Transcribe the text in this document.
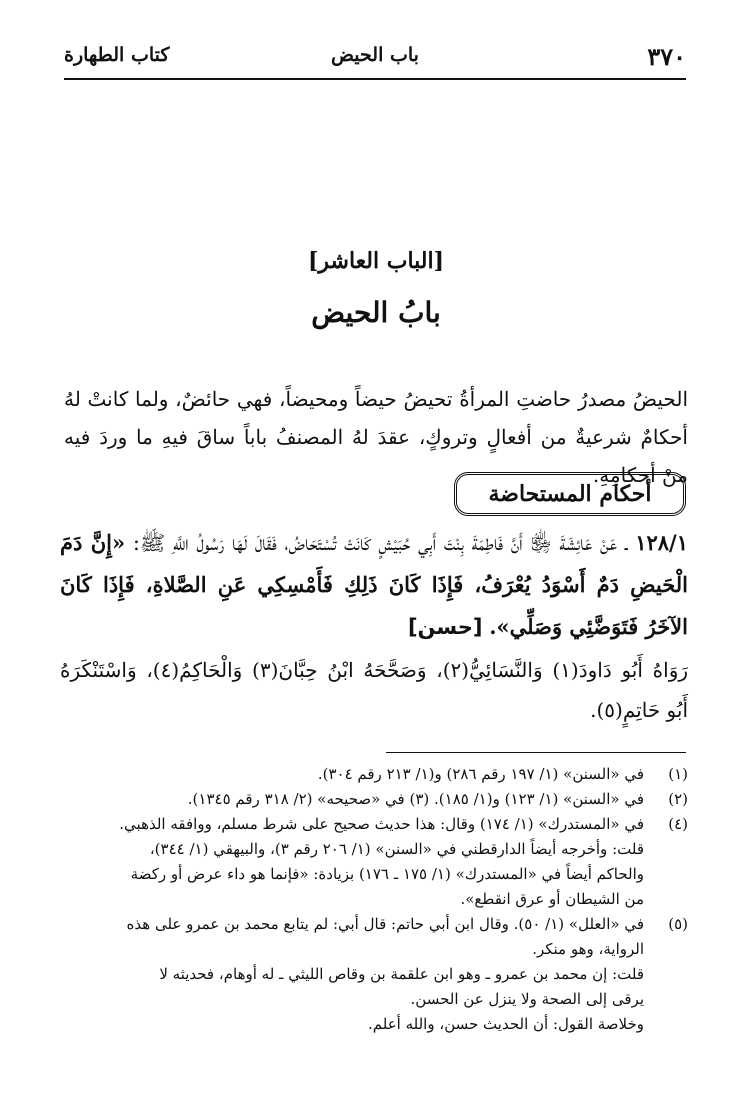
٣٧٠
باب الحيض
كتاب الطهارة
[الباب العاشر]
بابُ الحيض
الحيضُ مصدرُ حاضتِ المرأةُ تحيضُ حيضاً ومحيضاً، فهي حائضٌ، ولما كانتْ لهُ أحكامٌ شرعيةٌ من أفعالٍ وتروكٍ، عقدَ لهُ المصنفُ باباً ساقَ فيهِ ما وردَ فيه منْ أحكامِهِ.
أحكام المستحاضة
١٢٨/١ ـ عَنْ عَائِشَةَ ﵂ أَنَّ فَاطِمَةَ بِنْتَ أَبِي حُبَيْشٍ كَانَتْ تُسْتَحَاضُ، فَقَالَ لَهَا رَسُولُ اللَّهِ ﷺ: «إِنَّ دَمَ الْحَيضِ دَمٌ أَسْوَدُ يُعْرَفُ، فَإِذَا كَانَ ذَلِكِ فَأَمْسِكِي عَنِ الصَّلاةِ، فَإِذَا كَانَ الآخَرُ فَتَوَضَّئِي وَصَلِّي». [حسن]
رَوَاهُ أَبُو دَاودَ(١) وَالنَّسَائِيُّ(٢)، وَصَحَّحَهُ ابْنُ حِبَّانَ(٣) وَالْحَاكِمُ(٤)، وَاسْتَنْكَرَهُ أَبُو حَاتِمٍ(٥).
(١)
في «السنن» (١/ ١٩٧ رقم ٢٨٦) و(١/ ٢١٣ رقم ٣٠٤).
(٢)
في «السنن» (١/ ١٢٣) و(١/ ١٨٥). (٣) في «صحيحه» (٢/ ٣١٨ رقم ١٣٤٥).
(٤)
في «المستدرك» (١/ ١٧٤) وقال: هذا حديث صحيح على شرط مسلم، ووافقه الذهبي.
قلت: وأخرجه أيضاً الدارقطني في «السنن» (١/ ٢٠٦ رقم ٣)، والبيهقي (١/ ٣٤٤)،
والحاكم أيضاً في «المستدرك» (١/ ١٧٥ ـ ١٧٦) بزيادة: «فإنما هو داء عرض أو ركضة
من الشيطان أو عرق انقطع».
(٥)
في «العلل» (١/ ٥٠). وقال ابن أبي حاتم: قال أبي: لم يتابع محمد بن عمرو على هذه
الرواية، وهو منكر.
قلت: إن محمد بن عمرو ـ وهو ابن علقمة بن وقاص الليثي ـ له أوهام، فحديثه لا
يرقى إلى الصحة ولا ينزل عن الحسن.
وخلاصة القول: أن الحديث حسن، والله أعلم.
